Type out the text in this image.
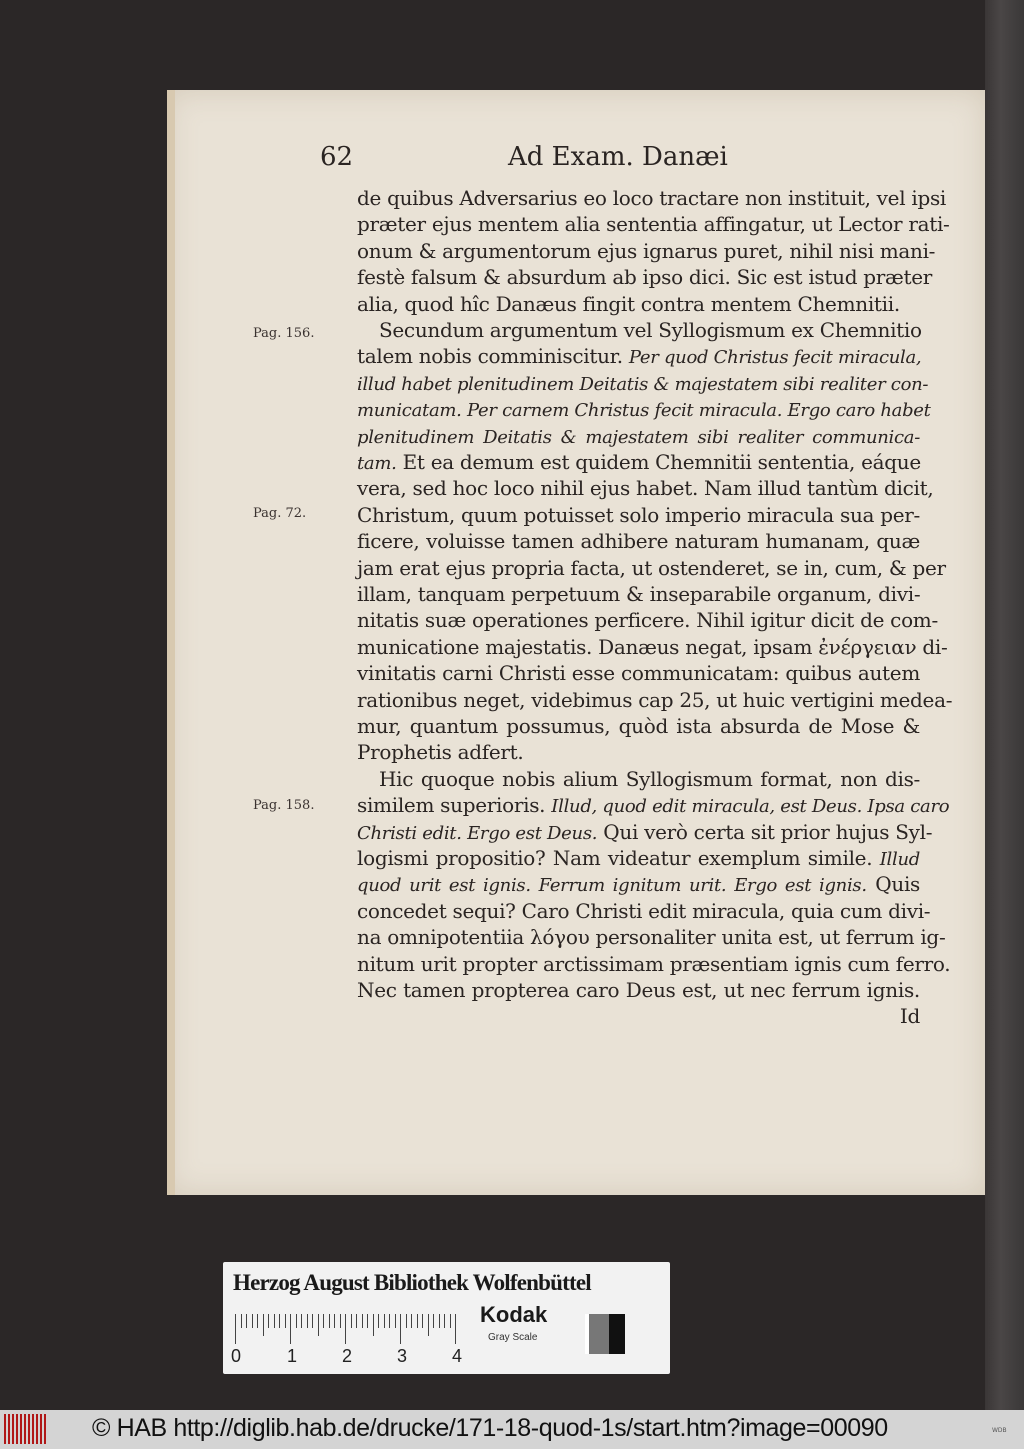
62	Ad Exam. Danæi
Pag. 156.
Pag. 72.
Pag. 158.
de quibus Adversarius eo loco tractare non instituit, vel ipsi
præter ejus mentem alia sententia affingatur, ut Lector rati-
onum & argumentorum ejus ignarus puret, nihil nisi mani-
festè falsum & absurdum ab ipso dici. Sic est istud præter
alia, quod hîc Danæus fingit contra mentem Chemnitii.
Secundum argumentum vel Syllogismum ex Chemnitio
talem nobis comminiscitur. Per quod Christus fecit miracula,
illud habet plenitudinem Deitatis & majestatem sibi realiter con-
municatam. Per carnem Christus fecit miracula. Ergo caro habet
plenitudinem Deitatis & majestatem sibi realiter communica-
tam. Et ea demum est quidem Chemnitii sententia, eáque
vera, sed hoc loco nihil ejus habet. Nam illud tantùm dicit,
Christum, quum potuisset solo imperio miracula sua per-
ficere, voluisse tamen adhibere naturam humanam, quæ
jam erat ejus propria facta, ut ostenderet, se in, cum, & per
illam, tanquam perpetuum & inseparabile organum, divi-
nitatis suæ operationes perficere. Nihil igitur dicit de com-
municatione majestatis. Danæus negat, ipsam ἐνέργειαν di-
vinitatis carni Christi esse communicatam: quibus autem
rationibus neget, videbimus cap 25, ut huic vertigini medea-
mur, quantum possumus, quòd ista absurda de Mose &
Prophetis adfert.
Hic quoque nobis alium Syllogismum format, non dis-
similem superioris. Illud, quod edit miracula, est Deus. Ipsa caro
Christi edit. Ergo est Deus. Qui verò certa sit prior hujus Syl-
logismi propositio? Nam videatur exemplum simile. Illud
quod urit est ignis. Ferrum ignitum urit. Ergo est ignis. Quis
concedet sequi? Caro Christi edit miracula, quia cum divi-
na omnipotentiia λόγου personaliter unita est, ut ferrum ig-
nitum urit propter arctissimam præsentiam ignis cum ferro.
Nec tamen propterea caro Deus est, ut nec ferrum ignis.
Id
Herzog August Bibliothek Wolfenbüttel
0	1 2 3 4
Kodak
Gray Scale
© HAB http://diglib.hab.de/drucke/171-18-quod-1s/start.htm?image=00090	WDB
